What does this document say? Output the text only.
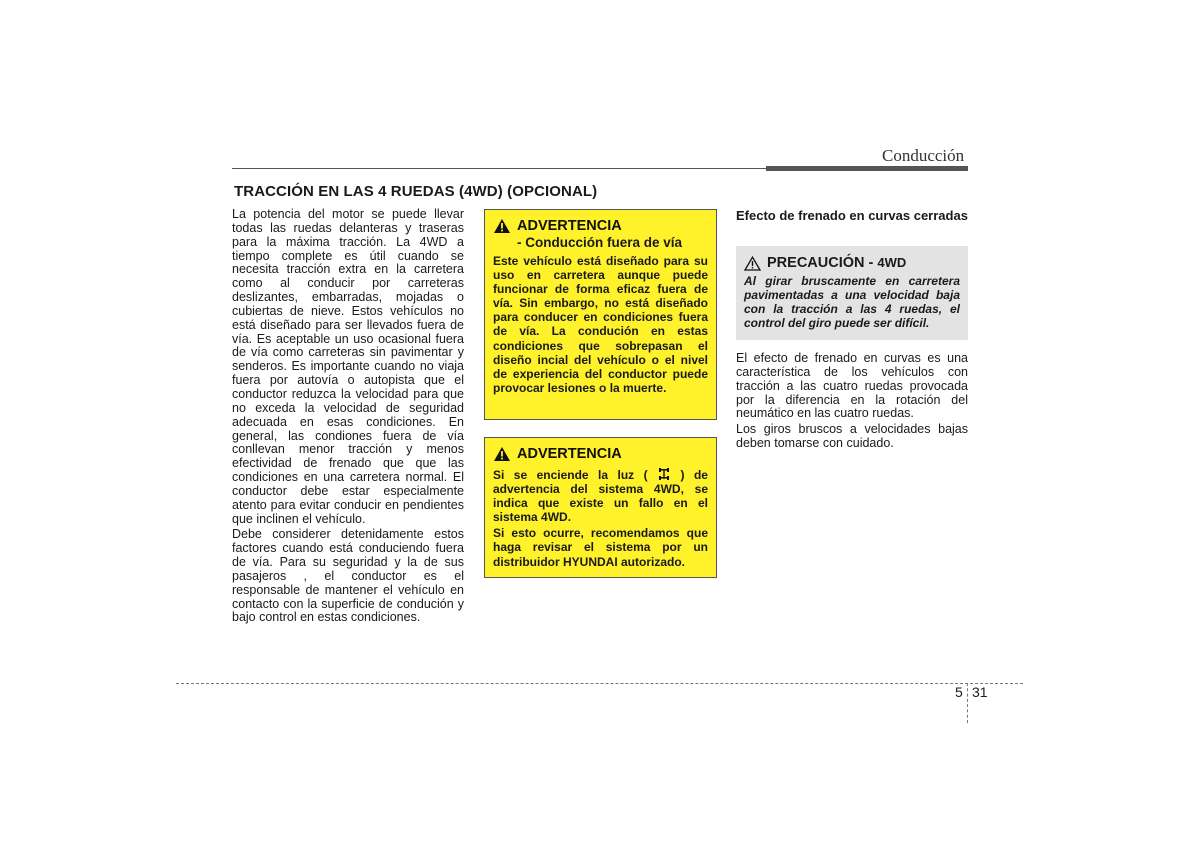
Conducción
TRACCIÓN EN LAS 4 RUEDAS (4WD) (OPCIONAL)

La potencia del motor se puede llevar todas las ruedas delanteras y traseras para la máxima tracción. La 4WD a tiempo complete es útil cuando se necesita tracción extra en la carretera como al conducir por carreteras deslizantes, embarradas, mojadas o cubiertas de nieve. Estos vehículos no está diseñado para ser llevados fuera de vía. Es aceptable un uso ocasional fuera de vía como carreteras sin pavimentar y senderos. Es importante cuando no viaja fuera por autovía o autopista que el conductor reduzca la velocidad para que no exceda la velocidad de seguridad adecuada en esas condiciones. En general, las condiones fuera de vía conllevan menor tracción y menos efectividad de frenado que que las condiciones en una carretera normal. El conductor debe estar especialmente atento para evitar conducir en pendientes que inclinen el vehículo.

Debe considerer detenidamente estos factores cuando está conduciendo fuera de vía. Para su seguridad y la de sus pasajeros , el conductor es el responsable de mantener el vehículo en contacto con la superficie de condución y bajo control en estas condiciones.

ADVERTENCIA
- Conducción fuera de vía

Este vehículo está diseñado para su uso en carretera aunque puede funcionar de forma eficaz fuera de vía. Sin embargo, no está diseñado para conducer en condiciones fuera de vía. La condución en estas condiciones que sobrepasan el diseño incial del vehículo o el nivel de experiencia del conductor puede provocar lesiones o la muerte.

ADVERTENCIA

Si se enciende la luz (	) de advertencia del sistema 4WD, se indica que existe un fallo en el sistema 4WD.

Si esto ocurre, recomendamos que haga revisar el sistema por un distribuidor HYUNDAI autorizado.

Efecto de frenado en curvas cerradas
PRECAUCIÓN - 4WD
Al girar bruscamente en carretera pavimentadas a una velocidad baja con la tracción a las 4 ruedas, el control del giro puede ser difícil.

El efecto de frenado en curvas es una característica de los vehículos con tracción a las cuatro ruedas provocada por la diferencia en la rotación del neumático en las cuatro ruedas.

Los giros bruscos a velocidades bajas deben tomarse con cuidado.

5 31
